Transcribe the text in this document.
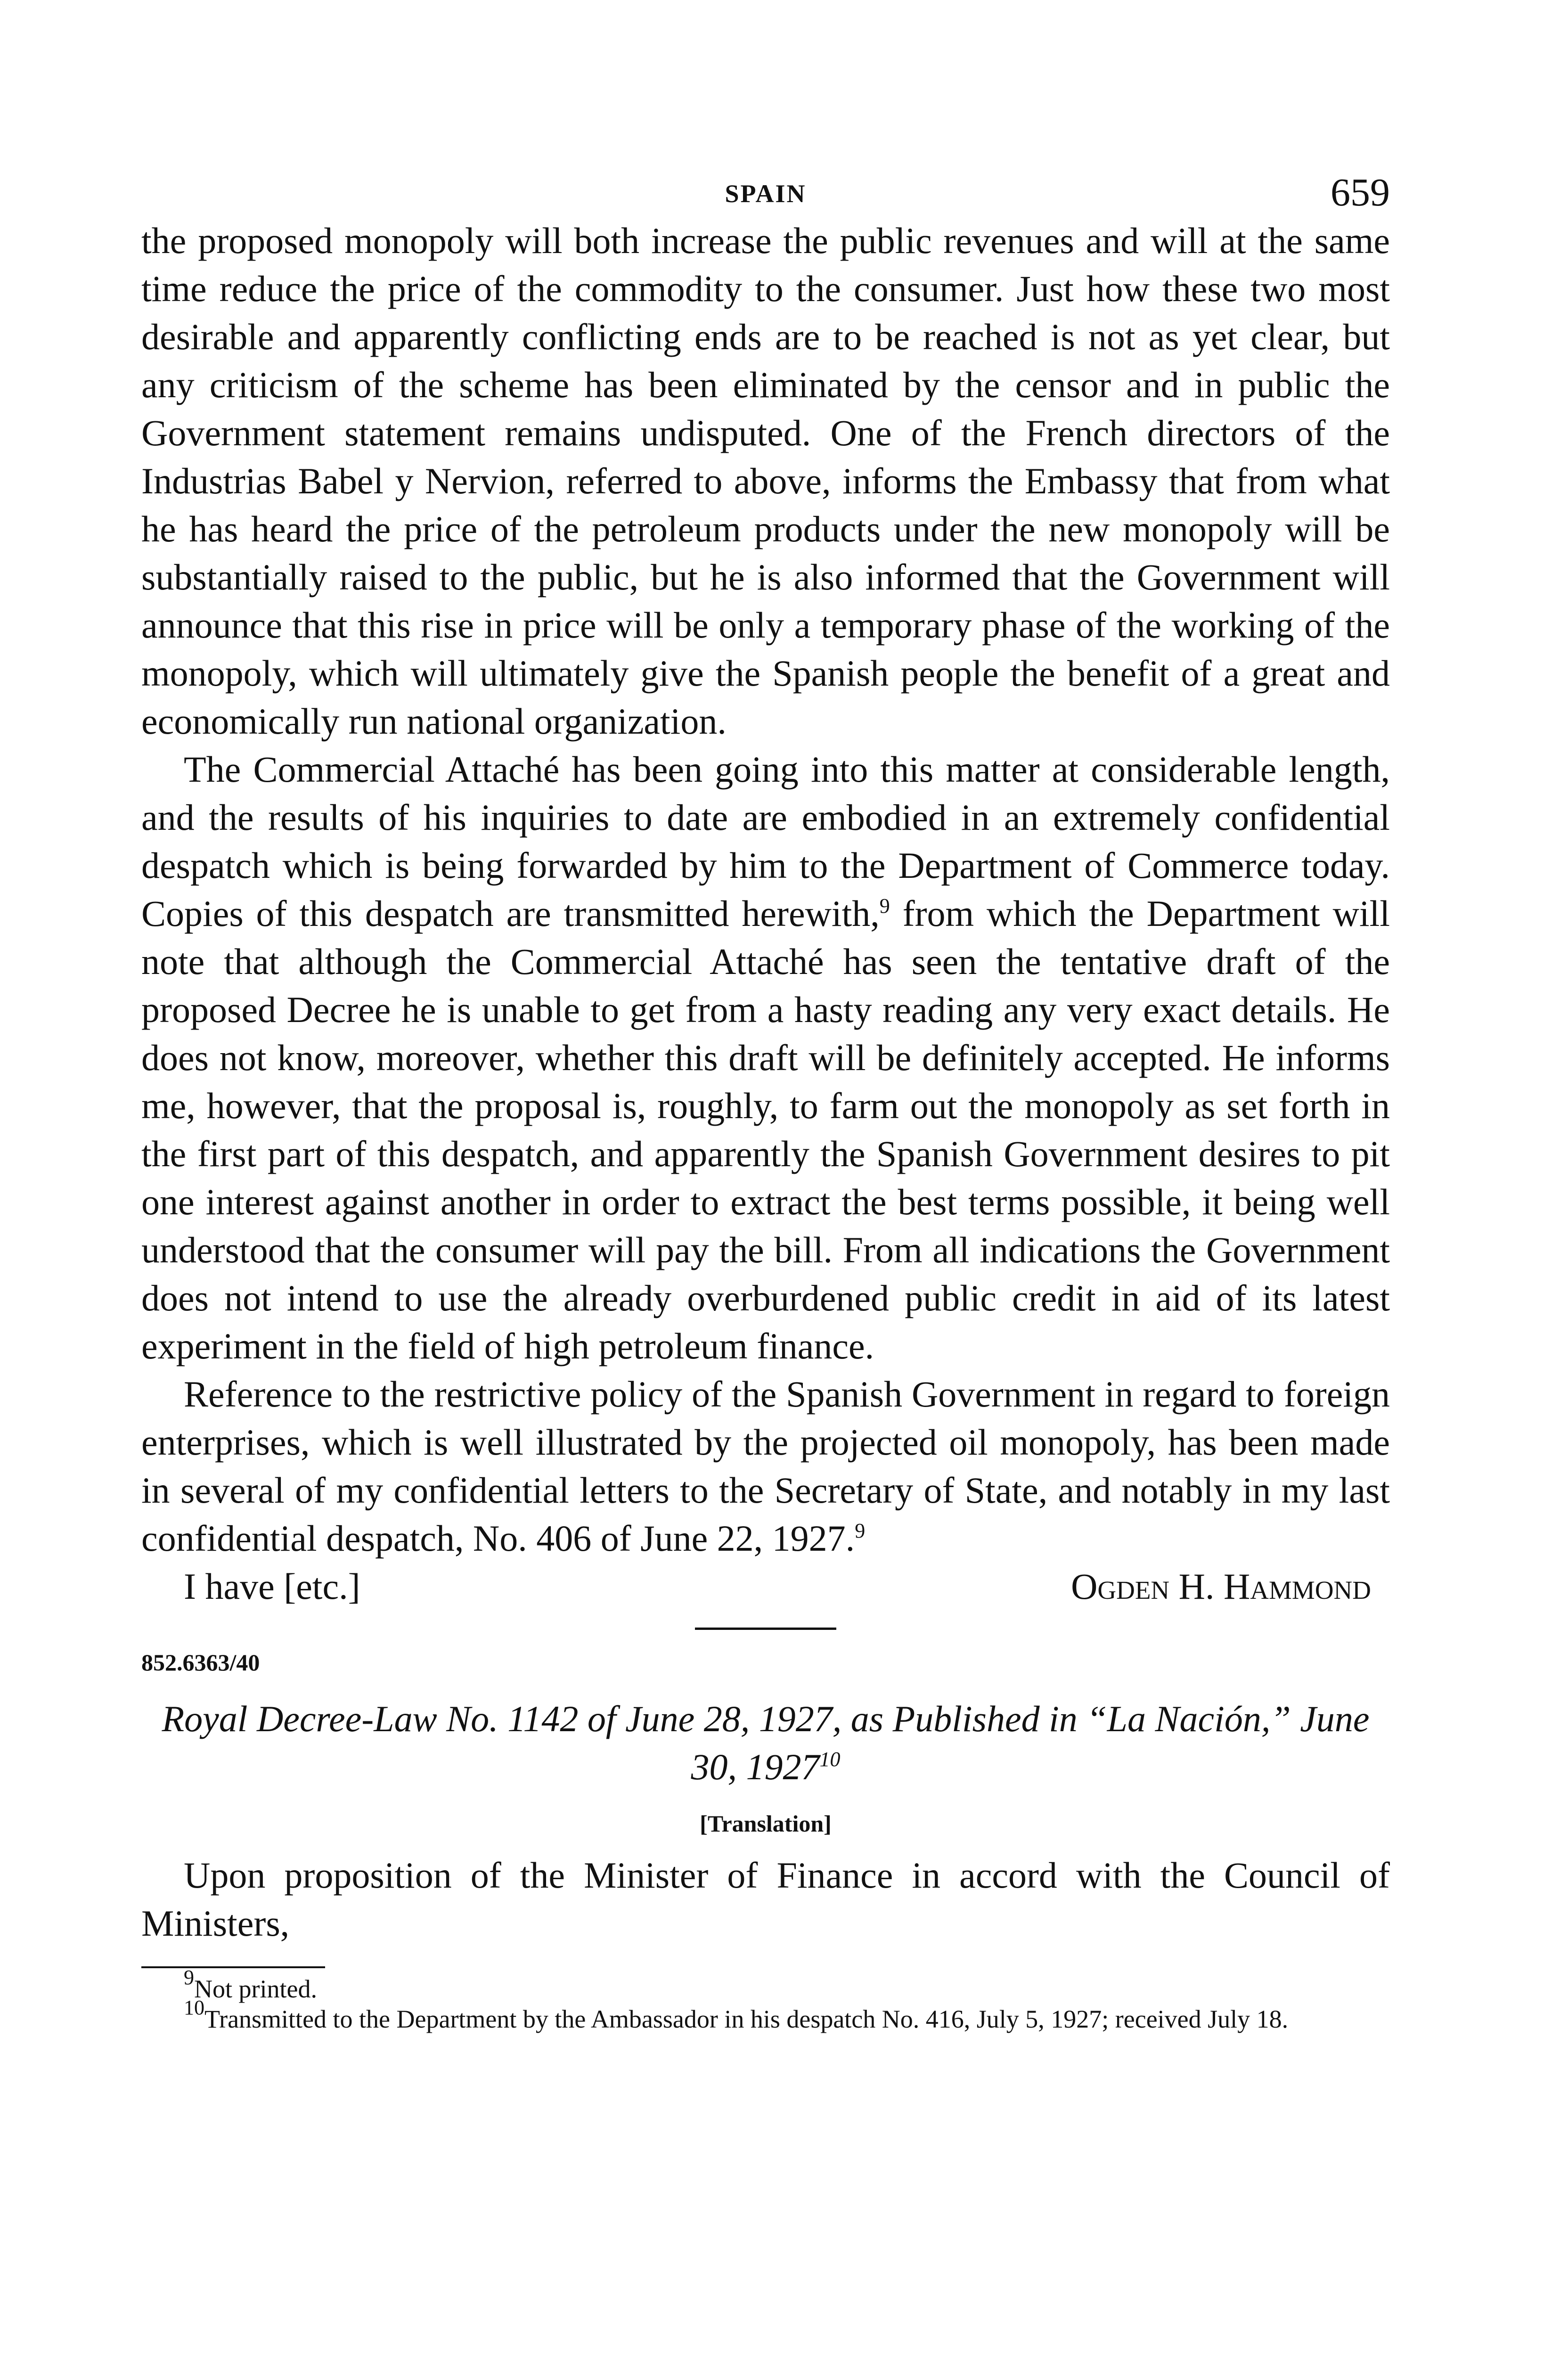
SPAIN	659

the proposed monopoly will both increase the public revenues and will at the same time reduce the price of the commodity to the consumer. Just how these two most desirable and apparently conflicting ends are to be reached is not as yet clear, but any criticism of the scheme has been eliminated by the censor and in public the Government statement remains undisputed. One of the French directors of the Industrias Babel y Nervion, referred to above, informs the Embassy that from what he has heard the price of the petroleum products under the new monopoly will be substantially raised to the public, but he is also informed that the Government will announce that this rise in price will be only a temporary phase of the working of the monopoly, which will ultimately give the Spanish people the benefit of a great and economically run national organization.

The Commercial Attaché has been going into this matter at considerable length, and the results of his inquiries to date are embodied in an extremely confidential despatch which is being forwarded by him to the Department of Commerce today. Copies of this despatch are transmitted herewith,$^9$ from which the Department will note that although the Commercial Attaché has seen the tentative draft of the proposed Decree he is unable to get from a hasty reading any very exact details. He does not know, moreover, whether this draft will be definitely accepted. He informs me, however, that the proposal is, roughly, to farm out the monopoly as set forth in the first part of this despatch, and apparently the Spanish Government desires to pit one interest against another in order to extract the best terms possible, it being well understood that the consumer will pay the bill. From all indications the Government does not intend to use the already overburdened public credit in aid of its latest experiment in the field of high petroleum finance.

Reference to the restrictive policy of the Spanish Government in regard to foreign enterprises, which is well illustrated by the projected oil monopoly, has been made in several of my confidential letters to the Secretary of State, and notably in my last confidential despatch, No. 406 of June 22, 1927.$^9$

I have [etc.]	Ogden H. Hammond
852.6363/40
Royal Decree-Law No. 1142 of June 28, 1927, as Published in “La Nación,” June 30, 1927$^{10}$
[Translation]

Upon proposition of the Minister of Finance in accord with the Council of Ministers,

$^9$Not printed.
$^{10}$Transmitted to the Department by the Ambassador in his despatch No. 416, July 5, 1927; received July 18.
